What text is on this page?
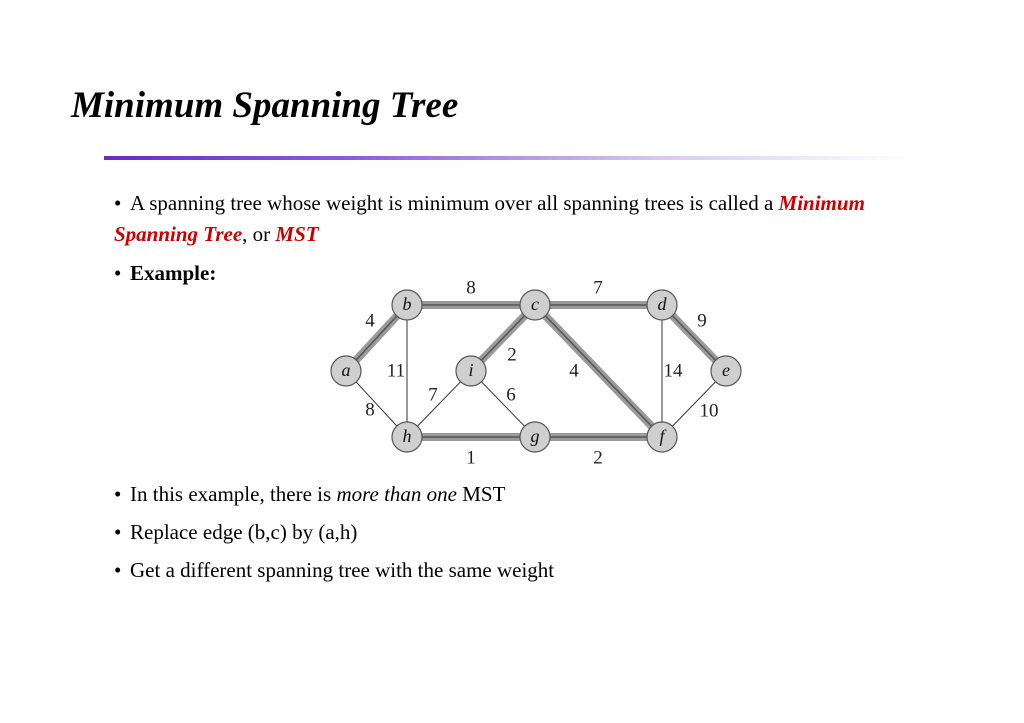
Minimum Spanning Tree

• A spanning tree whose weight is minimum over all spanning trees is called a Minimum Spanning Tree, or MST

• Example:

4
8	7
9
8
11
7
2
6
4	14
10
1	2
a
b	c	d
e
f
g
h
i

• In this example, there is more than one MST

• Replace edge (b,c) by (a,h)

• Get a different spanning tree with the same weight
